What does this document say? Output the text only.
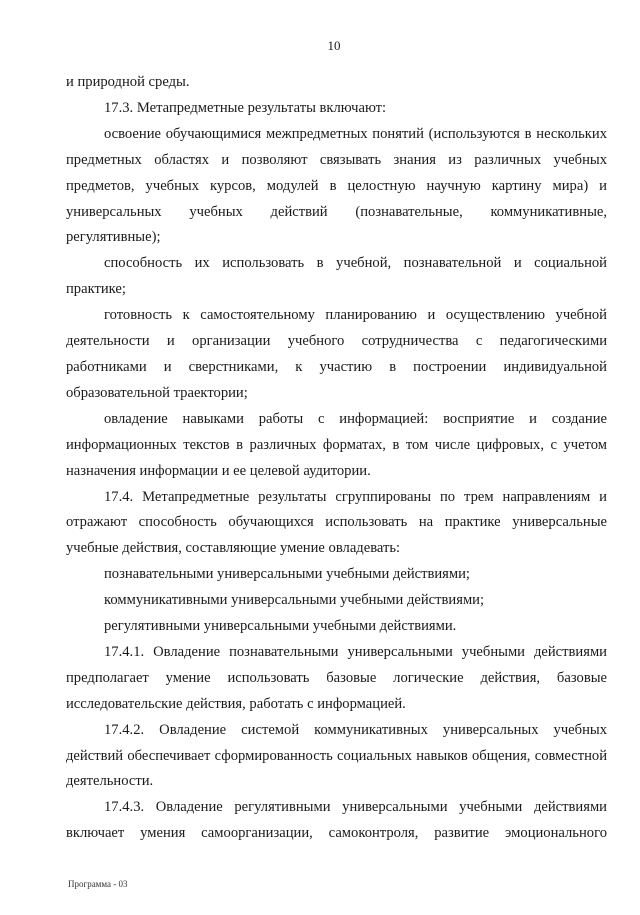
10

и природной среды.

17.3. Метапредметные результаты включают:

освоение обучающимися межпредметных понятий (используются в нескольких предметных областях и позволяют связывать знания из различных учебных предметов, учебных курсов, модулей в целостную научную картину мира) и универсальных учебных действий (познавательные, коммуникативные, регулятивные);

способность их использовать в учебной, познавательной и социальной практике;

готовность к самостоятельному планированию и осуществлению учебной деятельности и организации учебного сотрудничества с педагогическими работниками и сверстниками, к участию в построении индивидуальной образовательной траектории;

овладение навыками работы с информацией: восприятие и создание информационных текстов в различных форматах, в том числе цифровых, с учетом назначения информации и ее целевой аудитории.

17.4. Метапредметные результаты сгруппированы по трем направлениям и отражают способность обучающихся использовать на практике универсальные учебные действия, составляющие умение овладевать:

познавательными универсальными учебными действиями;

коммуникативными универсальными учебными действиями;

регулятивными универсальными учебными действиями.

17.4.1. Овладение познавательными универсальными учебными действиями предполагает умение использовать базовые логические действия, базовые исследовательские действия, работать с информацией.

17.4.2. Овладение системой коммуникативных универсальных учебных действий обеспечивает сформированность социальных навыков общения, совместной деятельности.

17.4.3. Овладение регулятивными универсальными учебными действиями включает умения самоорганизации, самоконтроля, развитие эмоционального

Программа - 03
